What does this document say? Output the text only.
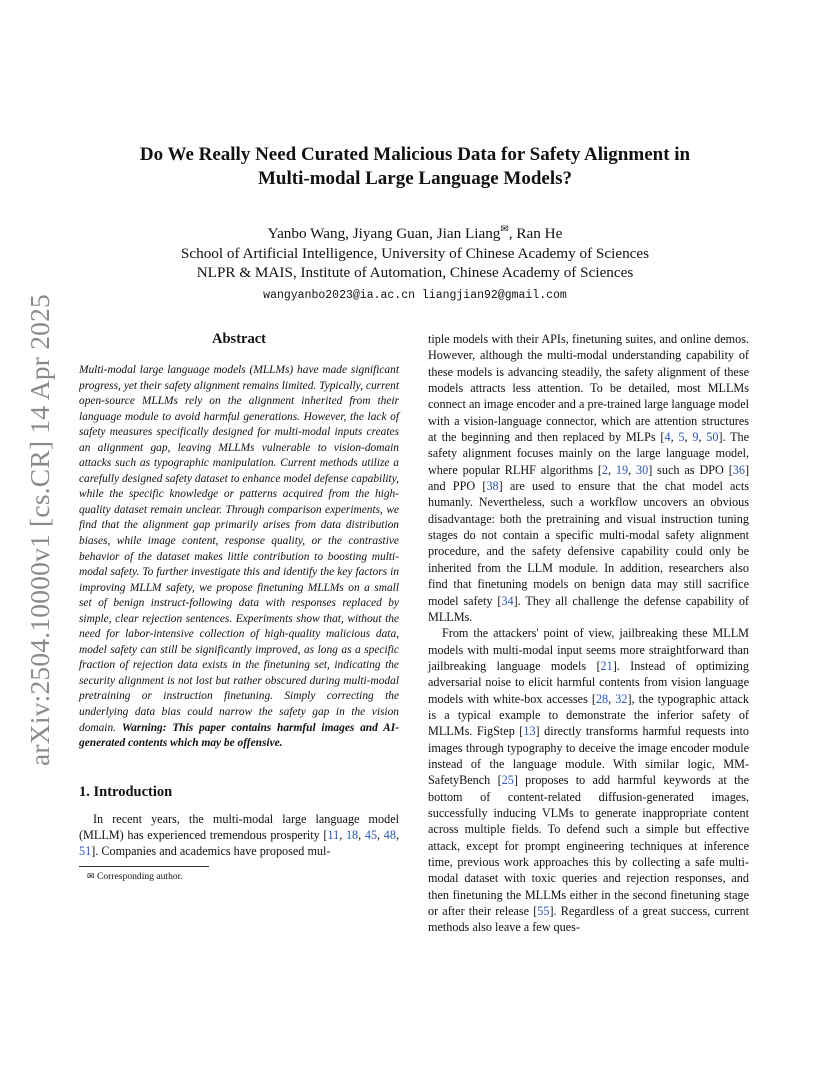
arXiv:2504.10000v1 [cs.CR] 14 Apr 2025
Do We Really Need Curated Malicious Data for Safety Alignment in
Multi-modal Large Language Models?
Yanbo Wang, Jiyang Guan, Jian Liang✉, Ran He
School of Artificial Intelligence, University of Chinese Academy of Sciences
NLPR & MAIS, Institute of Automation, Chinese Academy of Sciences
wangyanbo2023@ia.ac.cn liangjian92@gmail.com
Abstract

Multi-modal large language models (MLLMs) have made significant progress, yet their safety alignment remains limited. Typically, current open-source MLLMs rely on the alignment inherited from their language module to avoid harmful generations. However, the lack of safety measures specifically designed for multi-modal inputs creates an alignment gap, leaving MLLMs vulnerable to vision-domain attacks such as typographic manipulation. Current methods utilize a carefully designed safety dataset to enhance model defense capability, while the specific knowledge or patterns acquired from the high-quality dataset remain unclear. Through comparison experiments, we find that the alignment gap primarily arises from data distribution biases, while image content, response quality, or the contrastive behavior of the dataset makes little contribution to boosting multi-modal safety. To further investigate this and identify the key factors in improving MLLM safety, we propose finetuning MLLMs on a small set of benign instruct-following data with responses replaced by simple, clear rejection sentences. Experiments show that, without the need for labor-intensive collection of high-quality malicious data, model safety can still be significantly improved, as long as a specific fraction of rejection data exists in the finetuning set, indicating the security alignment is not lost but rather obscured during multi-modal pretraining or instruction finetuning. Simply correcting the underlying data bias could narrow the safety gap in the vision domain. Warning: This paper contains harmful images and AI-generated contents which may be offensive.

1. Introduction

In recent years, the multi-modal large language model (MLLM) has experienced tremendous prosperity [11, 18, 45, 48, 51]. Companies and academics have proposed mul-

✉ Corresponding author.

tiple models with their APIs, finetuning suites, and online demos. However, although the multi-modal understanding capability of these models is advancing steadily, the safety alignment of these models attracts less attention. To be detailed, most MLLMs connect an image encoder and a pre-trained large language model with a vision-language connector, which are attention structures at the beginning and then replaced by MLPs [4, 5, 9, 50]. The safety alignment focuses mainly on the large language model, where popular RLHF algorithms [2, 19, 30] such as DPO [36] and PPO [38] are used to ensure that the chat model acts humanly. Nevertheless, such a workflow uncovers an obvious disadvantage: both the pretraining and visual instruction tuning stages do not contain a specific multi-modal safety alignment procedure, and the safety defensive capability could only be inherited from the LLM module. In addition, researchers also find that finetuning models on benign data may still sacrifice model safety [34]. They all challenge the defense capability of MLLMs.

From the attackers' point of view, jailbreaking these MLLM models with multi-modal input seems more straightforward than jailbreaking language models [21]. Instead of optimizing adversarial noise to elicit harmful contents from vision language models with white-box accesses [28, 32], the typographic attack is a typical example to demonstrate the inferior safety of MLLMs. FigStep [13] directly transforms harmful requests into images through typography to deceive the image encoder module instead of the language module. With similar logic, MM-SafetyBench [25] proposes to add harmful keywords at the bottom of content-related diffusion-generated images, successfully inducing VLMs to generate inappropriate content across multiple fields. To defend such a simple but effective attack, except for prompt engineering techniques at inference time, previous work approaches this by collecting a safe multi-modal dataset with toxic queries and rejection responses, and then finetuning the MLLMs either in the second finetuning stage or after their release [55]. Regardless of a great success, current methods also leave a few ques-
